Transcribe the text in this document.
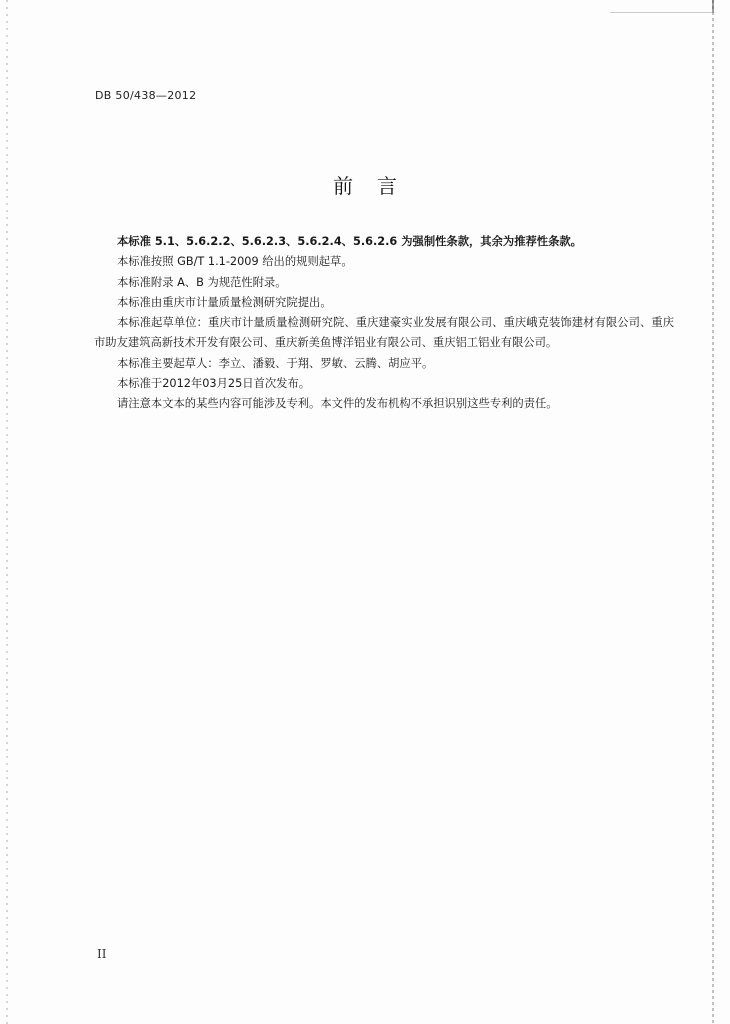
DB 50/438—2012
前言

本标准 5.1、5.6.2.2、5.6.2.3、5.6.2.4、5.6.2.6 为强制性条款，其余为推荐性条款。

本标准按照 GB/T 1.1-2009 给出的规则起草。

本标准附录 A、B 为规范性附录。

本标准由重庆市计量质量检测研究院提出。

本标准起草单位：重庆市计量质量检测研究院、重庆建豪实业发展有限公司、重庆峨克装饰建材有限公司、重庆市助友建筑高新技术开发有限公司、重庆新美鱼博洋铝业有限公司、重庆铝工铝业有限公司。

本标准主要起草人：李立、潘毅、于翔、罗敏、云腾、胡应平。

本标准于2012年03月25日首次发布。

请注意本文本的某些内容可能涉及专利。本文件的发布机构不承担识别这些专利的责任。

II
